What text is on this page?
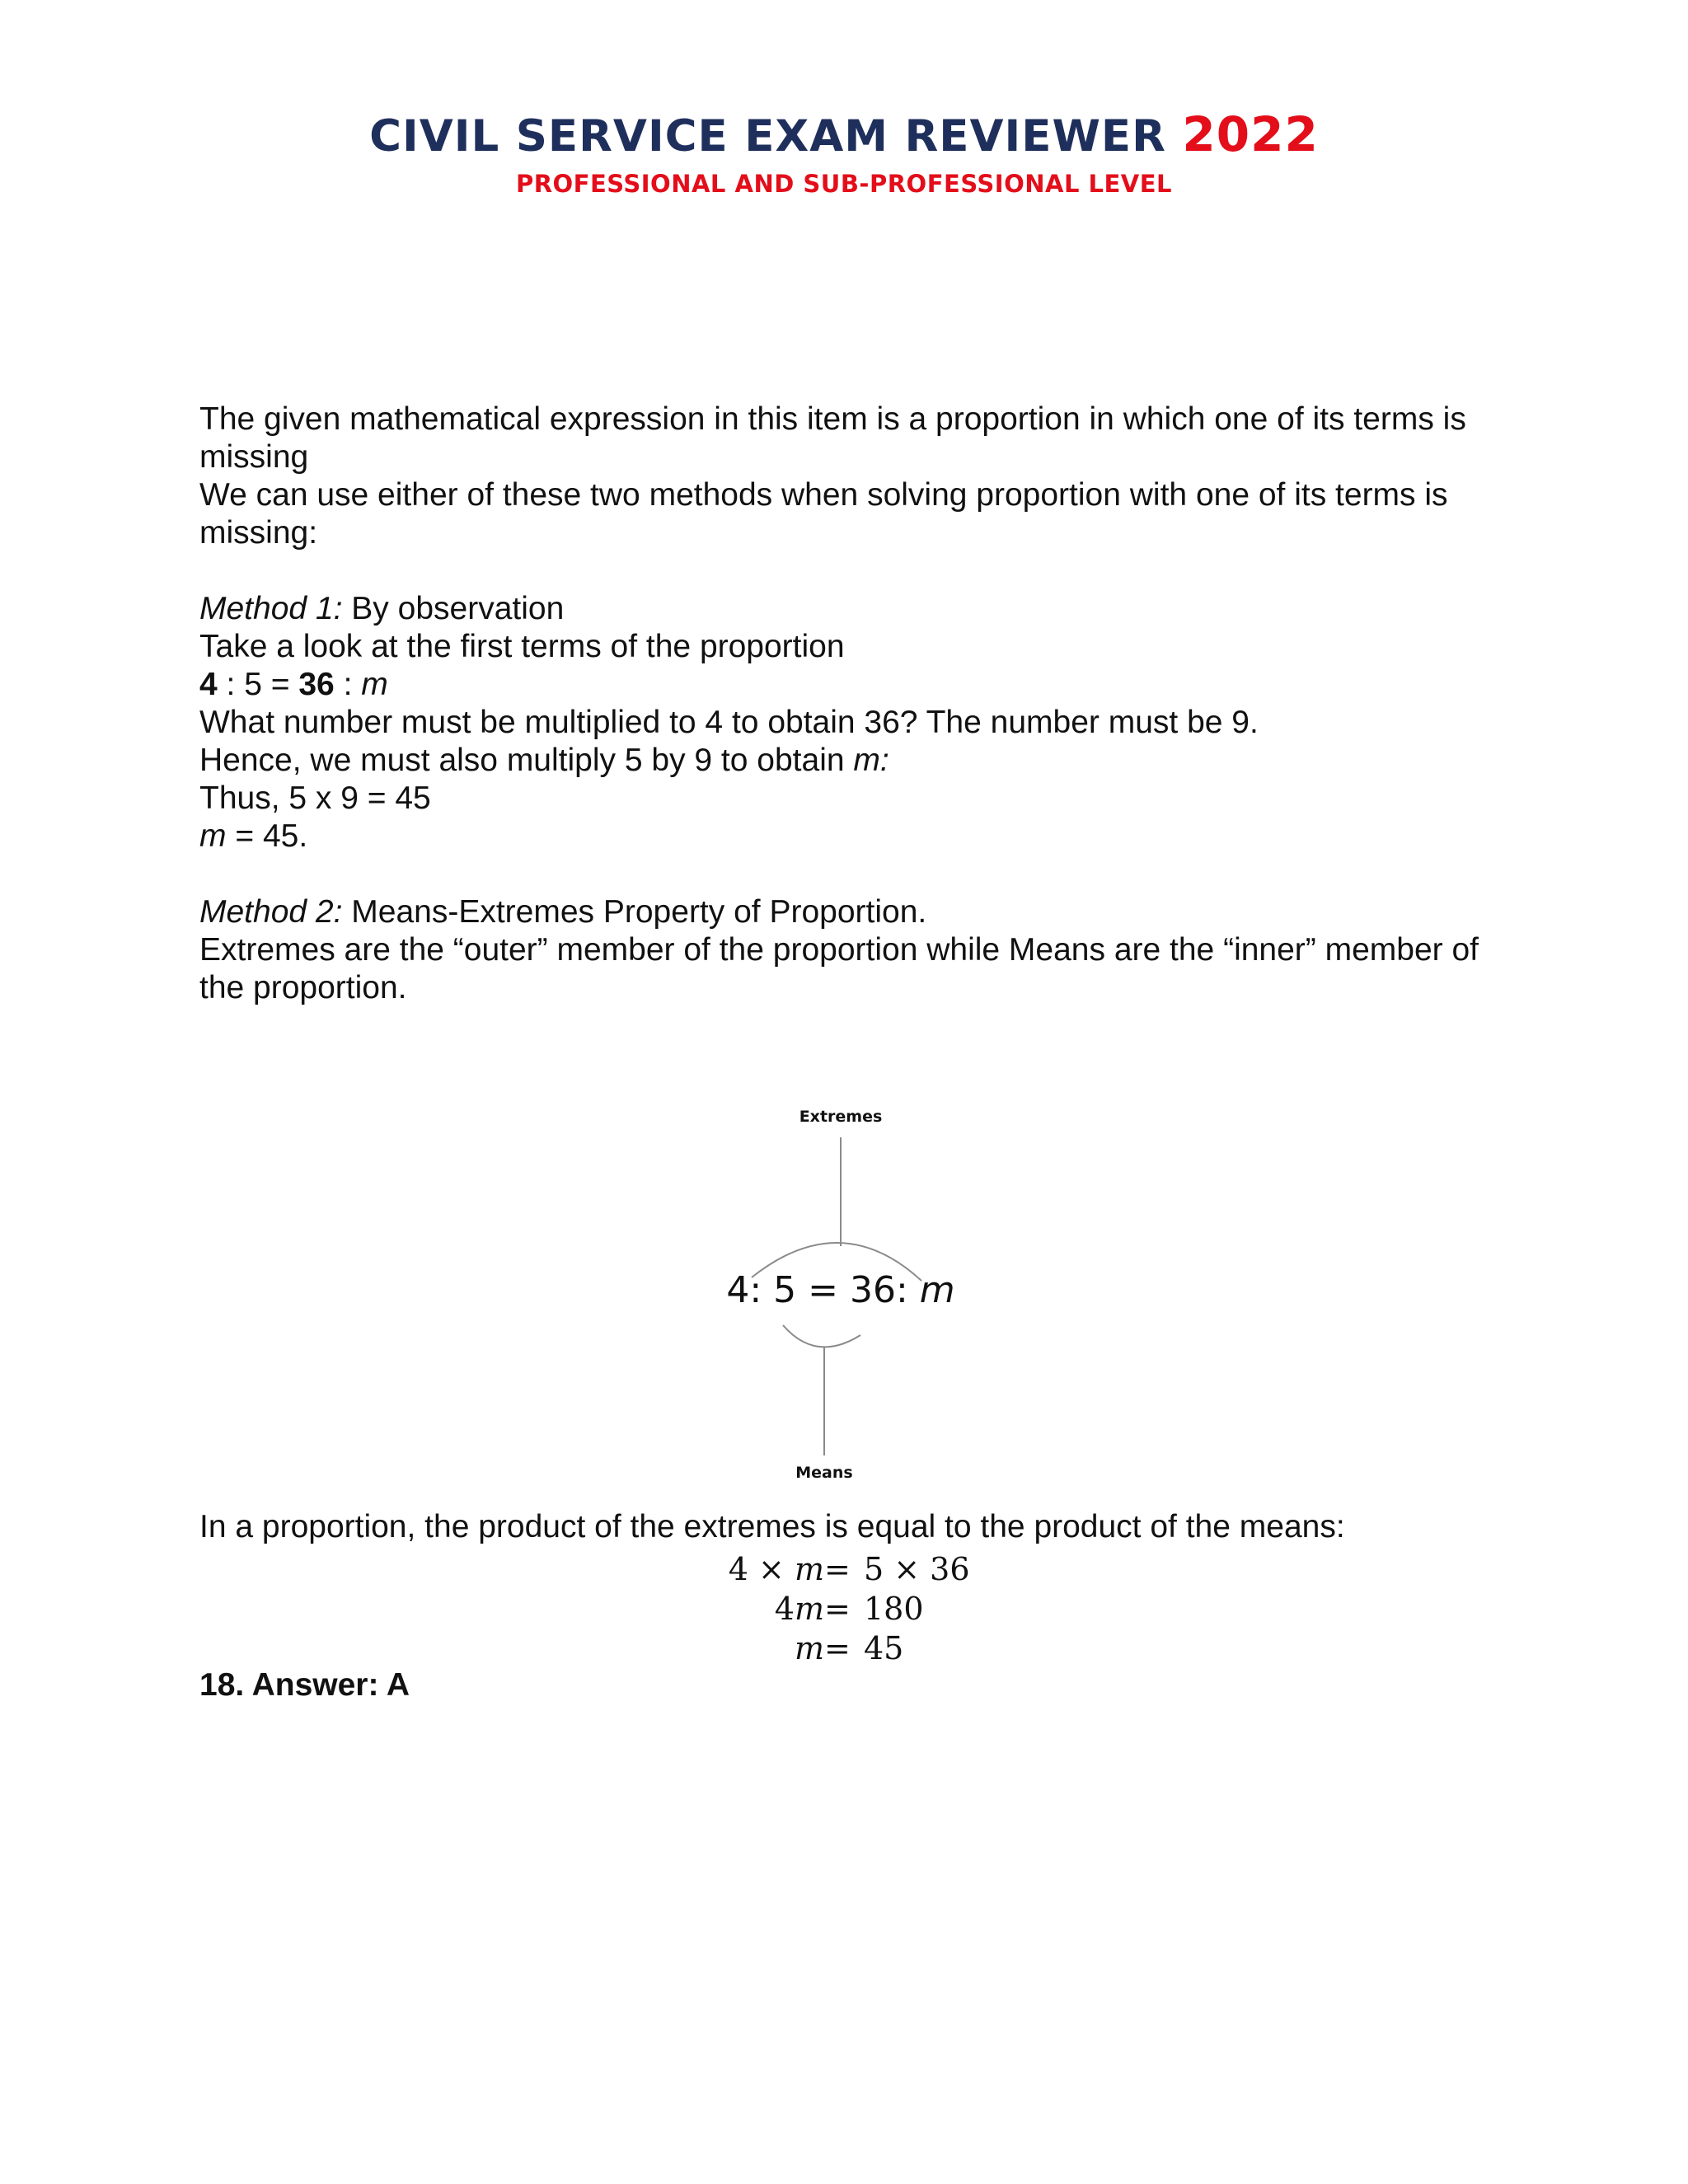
CIVIL SERVICE EXAM REVIEWER 2022
PROFESSIONAL AND SUB-PROFESSIONAL LEVEL

The given mathematical expression in this item is a proportion in which one of its terms is missing

We can use either of these two methods when solving proportion with one of its terms is missing:

Method 1: By observation

Take a look at the first terms of the proportion

4 : 5 = 36 : m

What number must be multiplied to 4 to obtain 36? The number must be 9.

Hence, we must also multiply 5 by 9 to obtain m:

Thus, 5 x 9 = 45

m = 45.

Method 2: Means-Extremes Property of Proportion.

Extremes are the “outer” member of the proportion while Means are the “inner” member of the proportion.

Extremes
4: 5 = 36: m
Means

In a proportion, the product of the extremes is equal to the product of the means:

4 × m = 5 × 36
4m = 180
m = 45
18. Answer: A
